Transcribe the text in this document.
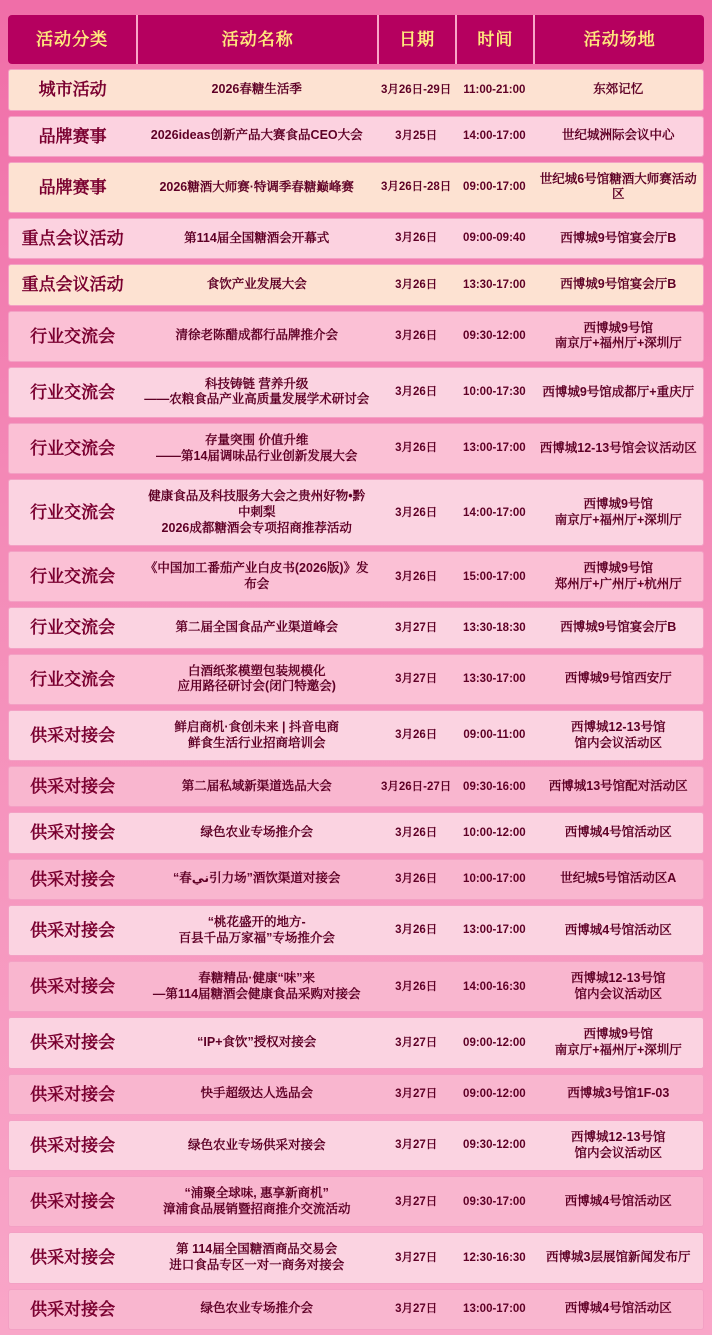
活动分类	活动名称	日期	时间	活动场地
城市活动	2026春糖生活季	3月26日-29日	11:00-21:00	东郊记忆
品牌赛事	2026ideas创新产品大赛食品CEO大会	3月25日	14:00-17:00	世纪城洲际会议中心
品牌赛事	2026糖酒大师赛·特调季春糖巅峰赛	3月26日-28日	09:00-17:00	世纪城6号馆糖酒大师赛活动区
重点会议活动	第114届全国糖酒会开幕式	3月26日	09:00-09:40	西博城9号馆宴会厅B
重点会议活动	食饮产业发展大会	3月26日	13:30-17:00	西博城9号馆宴会厅B
行业交流会	清徐老陈醋成都行品牌推介会	3月26日	09:30-12:00	西博城9号馆
南京厅+福州厅+深圳厅
行业交流会	科技铸链 营养升级
——农粮食品产业高质量发展学术研讨会	3月26日	10:00-17:30	西博城9号馆成都厅+重庆厅
行业交流会	存量突围 价值升维
——第14届调味品行业创新发展大会	3月26日	13:00-17:00	西博城12-13号馆会议活动区
行业交流会	健康食品及科技服务大会之贵州好物•黔中刺梨
2026成都糖酒会专项招商推荐活动	3月26日	14:00-17:00	西博城9号馆
南京厅+福州厅+深圳厅
行业交流会	《中国加工番茄产业白皮书(2026版)》发布会	3月26日	15:00-17:00	西博城9号馆
郑州厅+广州厅+杭州厅
行业交流会	第二届全国食品产业渠道峰会	3月27日	13:30-18:30	西博城9号馆宴会厅B
行业交流会	白酒纸浆模塑包装规模化
应用路径研讨会(闭门特邀会)	3月27日	13:30-17:00	西博城9号馆西安厅
供采对接会	鲜启商机·食创未来 | 抖音电商
鲜食生活行业招商培训会	3月26日	09:00-11:00	西博城12-13号馆
馆内会议活动区
供采对接会	第二届私域新渠道选品大会	3月26日-27日	09:30-16:00	西博城13号馆配对活动区
供采对接会	绿色农业专场推介会	3月26日	10:00-12:00	西博城4号馆活动区
供采对接会	“春ني引力场”酒饮渠道对接会	3月26日	10:00-17:00	世纪城5号馆活动区A
供采对接会	“桃花盛开的地方-
百县千品万家福”专场推介会	3月26日	13:00-17:00	西博城4号馆活动区
供采对接会	春糖精品·健康“味”来
—第114届糖酒会健康食品采购对接会	3月26日	14:00-16:30	西博城12-13号馆
馆内会议活动区
供采对接会	“IP+食饮”授权对接会	3月27日	09:00-12:00	西博城9号馆
南京厅+福州厅+深圳厅
供采对接会	快手超级达人选品会	3月27日	09:00-12:00	西博城3号馆1F-03
供采对接会	绿色农业专场供采对接会	3月27日	09:30-12:00	西博城12-13号馆
馆内会议活动区
供采对接会	“浦聚全球味, 惠享新商机”
漳浦食品展销暨招商推介交流活动	3月27日	09:30-17:00	西博城4号馆活动区
供采对接会	第 114届全国糖酒商品交易会
进口食品专区一对一商务对接会	3月27日	12:30-16:30	西博城3层展馆新闻发布厅
供采对接会	绿色农业专场推介会	3月27日	13:00-17:00	西博城4号馆活动区
